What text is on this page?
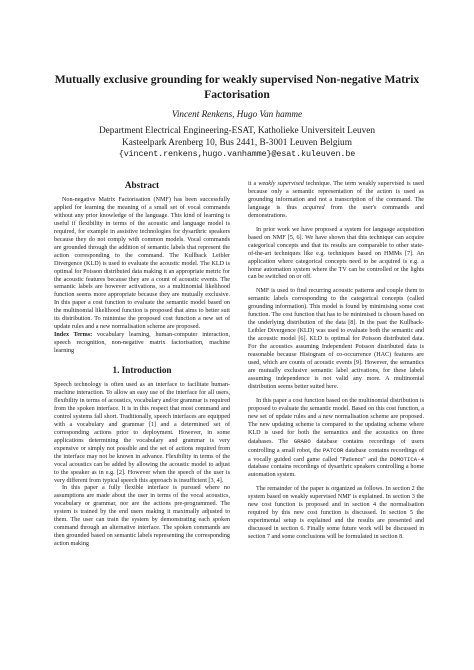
Mutually exclusive grounding for weakly supervised Non-negative Matrix Factorisation
Vincent Renkens, Hugo Van hamme
Department Electrical Engineering-ESAT, Katholieke Universiteit Leuven
Kasteelpark Arenberg 10, Bus 2441, B-3001 Leuven Belgium
{vincent.renkens,hugo.vanhamme}@esat.kuleuven.be
Abstract

Non-negative Matrix Factorisation (NMF) has been successfully applied for learning the meaning of a small set of vocal commands without any prior knowledge of the language. This kind of learning is useful if flexibility in terms of the acoustic and language model is required, for example in assistive technologies for dysarthric speakers because they do not comply with common models. Vocal commands are grounded through the addition of semantic labels that represent the action corresponding to the command. The Kullback Leibler Divergence (KLD) is used to evaluate the acoustic model. The KLD is optimal for Poisson distributed data making it an appropriate metric for the acoustic features because they are a count of acoustic events. The semantic labels are however activations, so a multinomial likelihood function seems more appropriate because they are mutually exclusive. In this paper a cost function to evaluate the semantic model based on the multinomial likelihood function is proposed that aims to better suit its distribution. To minimise the proposed cost function a new set of update rules and a new normalisation scheme are proposed.

Index Terms: vocabulary learning, human-computer interaction, speech recognition, non-negative matrix factorisation, machine learning

1. Introduction

Speech technology is often used as an interface to facilitate human-machine interaction. To allow an easy use of the interface for all users, flexibility in terms of acoustics, vocabulary and/or grammar is required from the spoken interface. It is in this respect that most command and control systems fall short. Traditionally, speech interfaces are equipped with a vocabulary and grammar [1] and a determined set of corresponding actions prior to deployment. However, in some applications determining the vocabulary and grammar is very expensive or simply not possible and the set of actions required from the interface may not be known in advance. Flexibility in terms of the vocal acoustics can be added by allowing the acoustic model to adjust to the speaker as in e.g. [2]. However when the speech of the user is very different from typical speech this approach is insufficient [3, 4].

In this paper a fully flexible interface is pursued where no assumptions are made about the user in terms of the vocal acoustics, vocabulary or grammar, nor are the actions pre-programmed. The system is trained by the end users making it maximally adjusted to them. The user can train the system by demonstrating each spoken command through an alternative interface. The spoken commands are then grounded based on semantic labels representing the corresponding action making

it a weakly supervised technique. The term weakly supervised is used because only a semantic representation of the action is used as grounding information and not a transcription of the command. The language is thus acquired from the user's commands and demonstrations.

In prior work we have proposed a system for language acquisition based on NMF [5, 6]. We have shown that this technique can acquire categorical concepts and that its results are comparable to other state-of-the-art techniques like e.g. techniques based on HMMs [7]. An application where categorical concepts need to be acquired is e.g. a home automation system where the TV can be controlled or the lights can be switched on or off.

NMF is used to find recurring acoustic patterns and couple them to semantic labels corresponding to the categorical concepts (called grounding information). This model is found by minimising some cost function. The cost function that has to be minimised is chosen based on the underlying distribution of the data [8]. In the past the Kullback-Leibler Divergence (KLD) was used to evaluate both the semantic and the acoustic model [6]. KLD is optimal for Poisson distributed data. For the acoustics assuming Independent Poisson distributed data is reasonable because Histogram of co-occurrence (HAC) features are used, which are counts of acoustic events [9]. However, the semantics are mutually exclusive semantic label activations, for these labels assuming independence is not valid any more. A multinomial distribution seems better suited here.

In this paper a cost function based on the multinomial distribution is proposed to evaluate the semantic model. Based on this cost function, a new set of update rules and a new normalisation scheme are proposed. The new updating scheme is compared to the updating scheme where KLD is used for both the semantics and the acoustics on three databases. The GRABO database contains recordings of users controlling a small robot, the PATCOR database contains recordings of a vocally guided card game called "Patience" and the DOMOTICA-4 database contains recordings of dysarthric speakers controlling a home automation system.

The remainder of the paper is organized as follows. In section 2 the system based on weakly supervised NMF is explained. In section 3 the new cost function is proposed and in section 4 the normalisation required by this new cost function is discussed. In section 5 the experimental setup is explained and the results are presented and discussed in section 6. Finally some future work will be discussed in section 7 and some conclusions will be formulated in section 8.
